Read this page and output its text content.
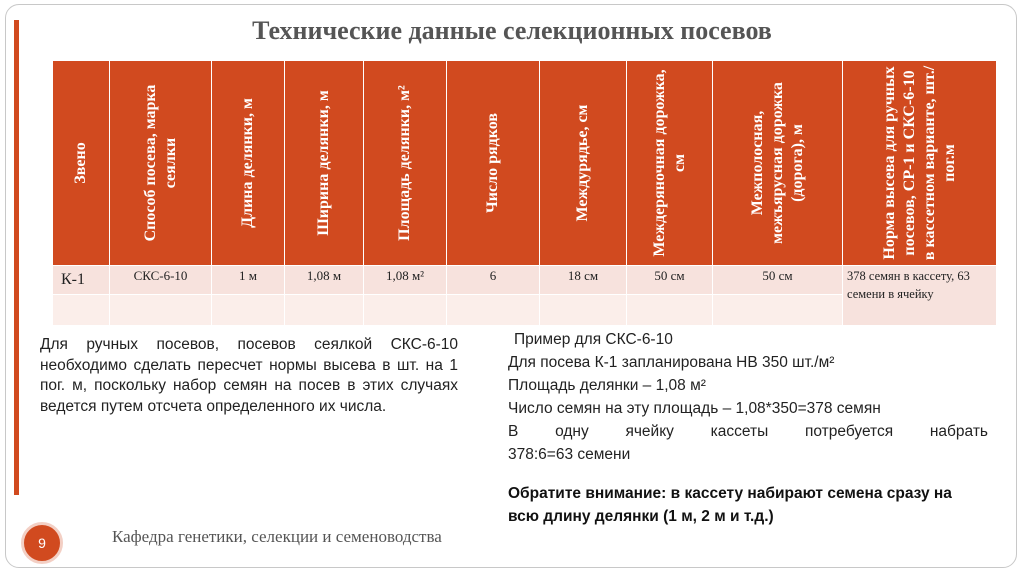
Технические данные селекционных посевов
Звено	Способ посева, марка сеялки	Длина делянки, м	Ширина делянки, м	Площадь делянки, м²	Число рядков	Междурядье, см	Междеряночная дорожка, см	Межполосная, межъярусная дорожка (дорога), м	Норма высева для ручных посевов, СР-1 и СКС-6-10 в кассетном варианте, шт./пог.м

К-1	СКС-6-10	1 м	1,08 м	1,08 м²	6	18 см	50 см	50 см	378 семян в кассету, 63 семени в ячейку

Для ручных посевов, посевов сеялкой СКС-6-10 необходимо сделать пересчет нормы высева в шт. на 1 пог. м, поскольку набор семян на посев в этих случаях ведется путем отсчета определенного их числа.
Пример для СКС-6-10
Для посева К-1 запланирована НВ 350 шт./м²
Площадь делянки – 1,08 м²
Число семян на эту площадь – 1,08*350=378 семян
В одну ячейку кассеты потребуется набрать
378:6=63 семени
Обратите внимание: в кассету набирают семена сразу на всю длину делянки (1 м, 2 м и т.д.)
9	Кафедра генетики, селекции и семеноводства
